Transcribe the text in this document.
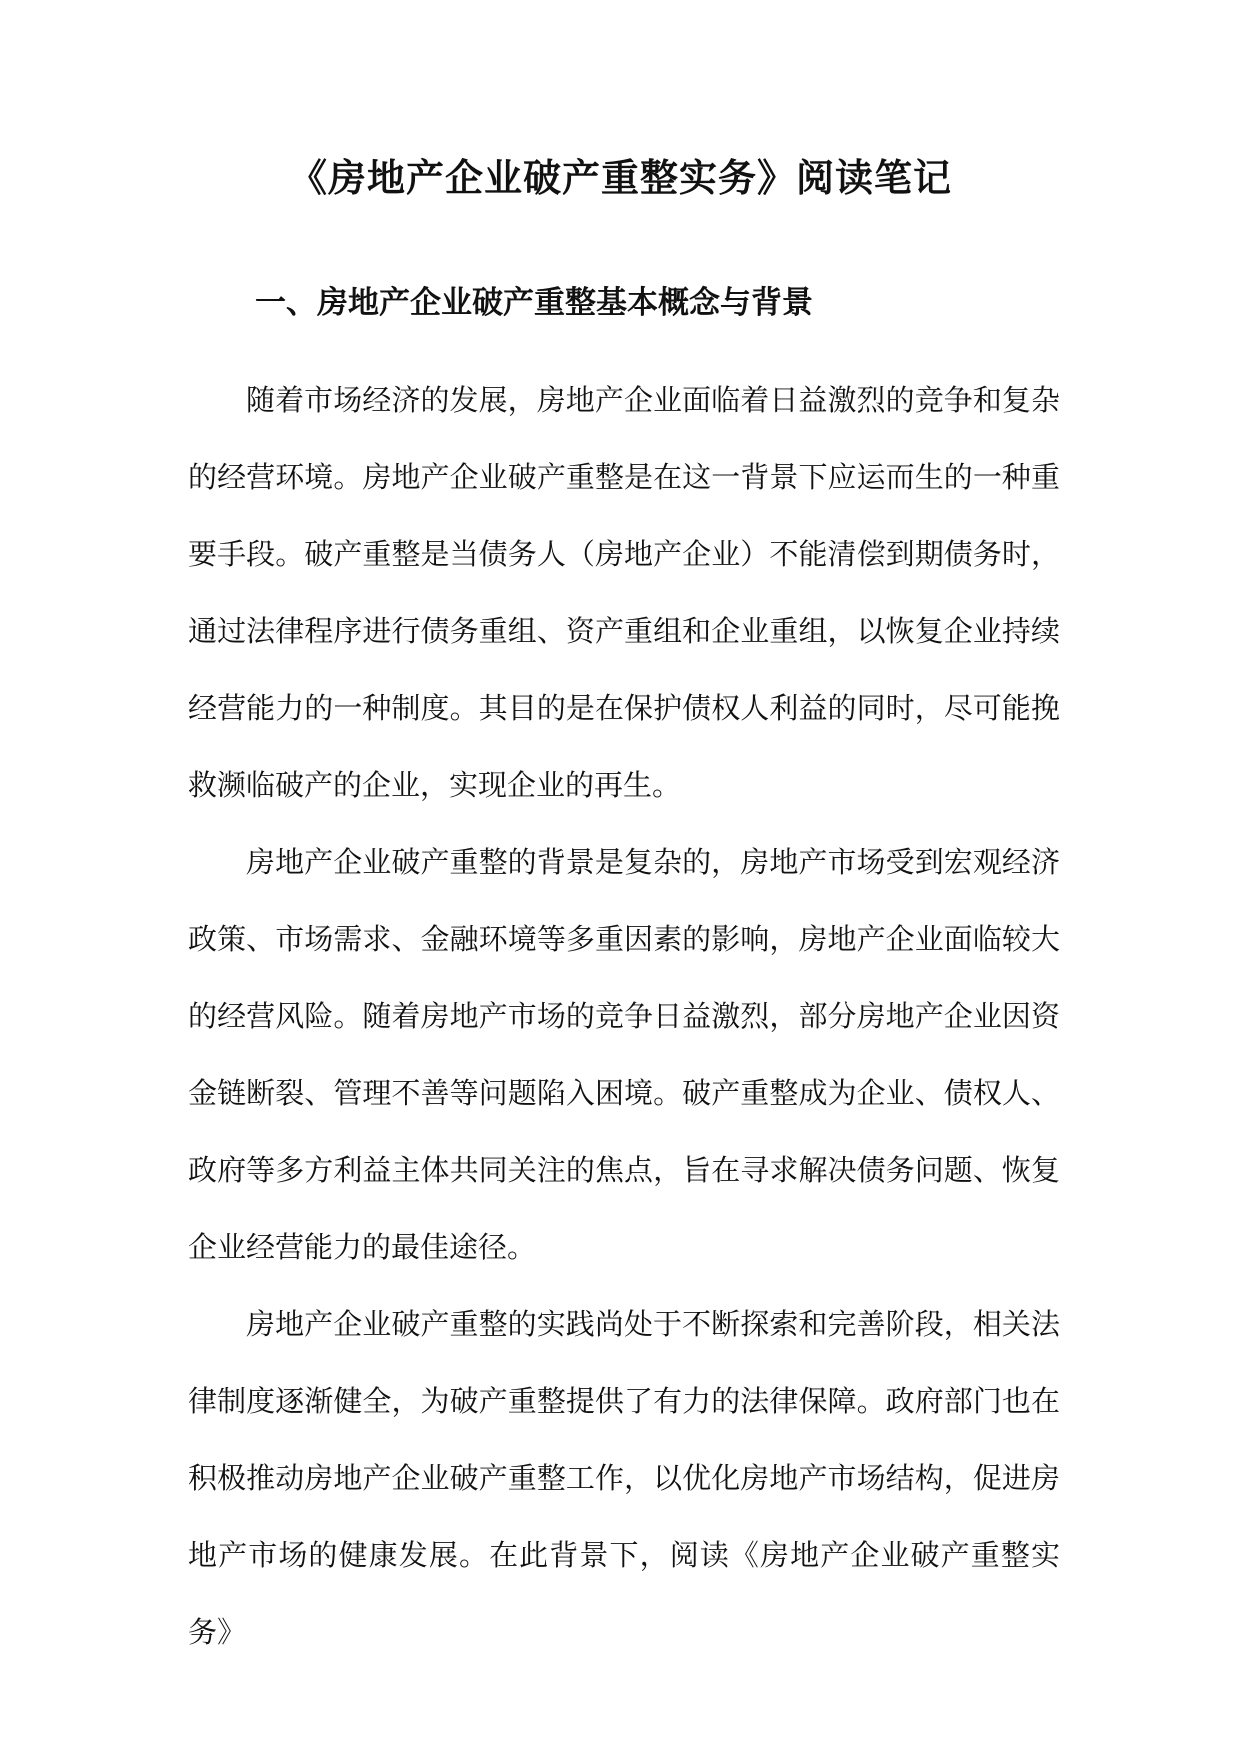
《房地产企业破产重整实务》阅读笔记
一、房地产企业破产重整基本概念与背景

随着市场经济的发展，房地产企业面临着日益激烈的竞争和复杂的经营环境。房地产企业破产重整是在这一背景下应运而生的一种重要手段。破产重整是当债务人（房地产企业）不能清偿到期债务时，通过法律程序进行债务重组、资产重组和企业重组，以恢复企业持续经营能力的一种制度。其目的是在保护债权人利益的同时，尽可能挽救濒临破产的企业，实现企业的再生。

房地产企业破产重整的背景是复杂的，房地产市场受到宏观经济政策、市场需求、金融环境等多重因素的影响，房地产企业面临较大的经营风险。随着房地产市场的竞争日益激烈，部分房地产企业因资金链断裂、管理不善等问题陷入困境。破产重整成为企业、债权人、政府等多方利益主体共同关注的焦点，旨在寻求解决债务问题、恢复企业经营能力的最佳途径。

房地产企业破产重整的实践尚处于不断探索和完善阶段，相关法律制度逐渐健全，为破产重整提供了有力的法律保障。政府部门也在积极推动房地产企业破产重整工作，以优化房地产市场结构，促进房地产市场的健康发展。在此背景下，阅读《房地产企业破产重整实务》
